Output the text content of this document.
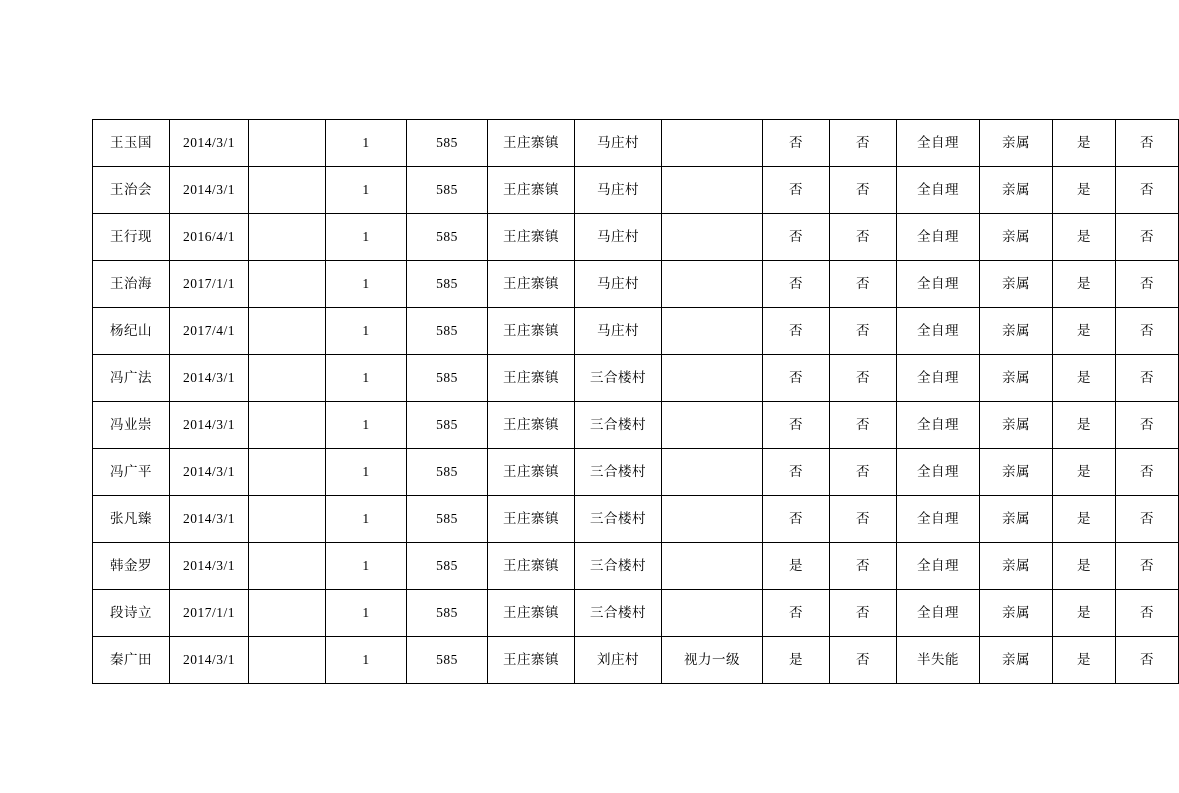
王玉国	2014/3/1		1	585	王庄寨镇	马庄村		否	否	全自理	亲属	是	否
王治会	2014/3/1		1	585	王庄寨镇	马庄村		否	否	全自理	亲属	是	否
王行现	2016/4/1		1	585	王庄寨镇	马庄村		否	否	全自理	亲属	是	否
王治海	2017/1/1		1	585	王庄寨镇	马庄村		否	否	全自理	亲属	是	否
杨纪山	2017/4/1		1	585	王庄寨镇	马庄村		否	否	全自理	亲属	是	否
冯广法	2014/3/1		1	585	王庄寨镇	三合楼村		否	否	全自理	亲属	是	否
冯业崇	2014/3/1		1	585	王庄寨镇	三合楼村		否	否	全自理	亲属	是	否
冯广平	2014/3/1		1	585	王庄寨镇	三合楼村		否	否	全自理	亲属	是	否
张凡臻	2014/3/1		1	585	王庄寨镇	三合楼村		否	否	全自理	亲属	是	否
韩金罗	2014/3/1		1	585	王庄寨镇	三合楼村		是	否	全自理	亲属	是	否
段诗立	2017/1/1		1	585	王庄寨镇	三合楼村		否	否	全自理	亲属	是	否
秦广田	2014/3/1		1	585	王庄寨镇	刘庄村	视力一级	是	否	半失能	亲属	是	否
